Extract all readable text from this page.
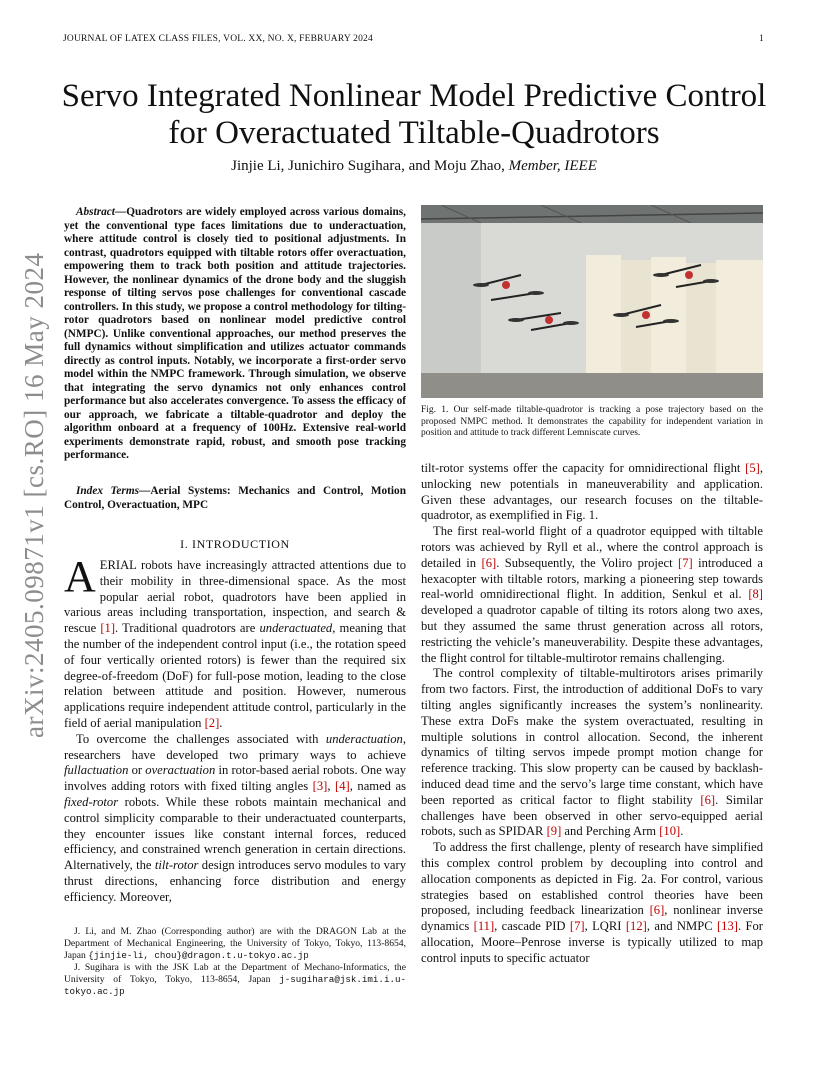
JOURNAL OF LATEX CLASS FILES, VOL. XX, NO. X, FEBRUARY 2024	1
arXiv:2405.09871v1 [cs.RO] 16 May 2024
Servo Integrated Nonlinear Model Predictive Control for Overactuated Tiltable-Quadrotors
Jinjie Li, Junichiro Sugihara, and Moju Zhao, Member, IEEE

Abstract—Quadrotors are widely employed across various domains, yet the conventional type faces limitations due to underactuation, where attitude control is closely tied to positional adjustments. In contrast, quadrotors equipped with tiltable rotors offer overactuation, empowering them to track both position and attitude trajectories. However, the nonlinear dynamics of the drone body and the sluggish response of tilting servos pose challenges for conventional cascade controllers. In this study, we propose a control methodology for tilting-rotor quadrotors based on nonlinear model predictive control (NMPC). Unlike conventional approaches, our method preserves the full dynamics without simplification and utilizes actuator commands directly as control inputs. Notably, we incorporate a first-order servo model within the NMPC framework. Through simulation, we observe that integrating the servo dynamics not only enhances control performance but also accelerates convergence. To assess the efficacy of our approach, we fabricate a tiltable-quadrotor and deploy the algorithm onboard at a frequency of 100Hz. Extensive real-world experiments demonstrate rapid, robust, and smooth pose tracking performance.

Index Terms—Aerial Systems: Mechanics and Control, Motion Control, Overactuation, MPC

I. INTRODUCTION

AERIAL robots have increasingly attracted attentions due to their mobility in three-dimensional space. As the most popular aerial robot, quadrotors have been applied in various areas including transportation, inspection, and search & rescue [1]. Traditional quadrotors are underactuated, meaning that the number of the independent control input (i.e., the rotation speed of four vertically oriented rotors) is fewer than the required six degree-of-freedom (DoF) for full-pose motion, leading to the close relation between attitude and position. However, numerous applications require independent attitude control, particularly in the field of aerial manipulation [2].

To overcome the challenges associated with underactuation, researchers have developed two primary ways to achieve fullactuation or overactuation in rotor-based aerial robots. One way involves adding rotors with fixed tilting angles [3], [4], named as fixed-rotor robots. While these robots maintain mechanical and control simplicity comparable to their underactuated counterparts, they encounter issues like constant internal forces, reduced efficiency, and constrained wrench generation in certain directions. Alternatively, the tilt-rotor design introduces servo modules to vary thrust directions, enhancing force distribution and energy efficiency. Moreover,

J. Li, and M. Zhao (Corresponding author) are with the DRAGON Lab at the Department of Mechanical Engineering, the University of Tokyo, Tokyo, 113-8654, Japan {jinjie-li, chou}@dragon.t.u-tokyo.ac.jp

J. Sugihara is with the JSK Lab at the Department of Mechano-Informatics, the University of Tokyo, Tokyo, 113-8654, Japan j-sugihara@jsk.imi.i.u-tokyo.ac.jp

Fig. 1. Our self-made tiltable-quadrotor is tracking a pose trajectory based on the proposed NMPC method. It demonstrates the capability for independent variation in position and attitude to track different Lemniscate curves.

tilt-rotor systems offer the capacity for omnidirectional flight [5], unlocking new potentials in maneuverability and application. Given these advantages, our research focuses on the tiltable-quadrotor, as exemplified in Fig. 1.

The first real-world flight of a quadrotor equipped with tiltable rotors was achieved by Ryll et al., where the control approach is detailed in [6]. Subsequently, the Voliro project [7] introduced a hexacopter with tiltable rotors, marking a pioneering step towards real-world omnidirectional flight. In addition, Senkul et al. [8] developed a quadrotor capable of tilting its rotors along two axes, but they assumed the same thrust generation across all rotors, restricting the vehicle’s maneuverability. Despite these advantages, the flight control for tiltable-multirotor remains challenging.

The control complexity of tiltable-multirotors arises primarily from two factors. First, the introduction of additional DoFs to vary tilting angles significantly increases the system’s nonlinearity. These extra DoFs make the system overactuated, resulting in multiple solutions in control allocation. Second, the inherent dynamics of tilting servos impede prompt motion change for reference tracking. This slow property can be caused by backlash-induced dead time and the servo’s large time constant, which have been reported as critical factor to flight stability [6]. Similar challenges have been observed in other servo-equipped aerial robots, such as SPIDAR [9] and Perching Arm [10].

To address the first challenge, plenty of research have simplified this complex control problem by decoupling into control and allocation components as depicted in Fig. 2a. For control, various strategies based on established control theories have been proposed, including feedback linearization [6], nonlinear inverse dynamics [11], cascade PID [7], LQRI [12], and NMPC [13]. For allocation, Moore–Penrose inverse is typically utilized to map control inputs to specific actuator
